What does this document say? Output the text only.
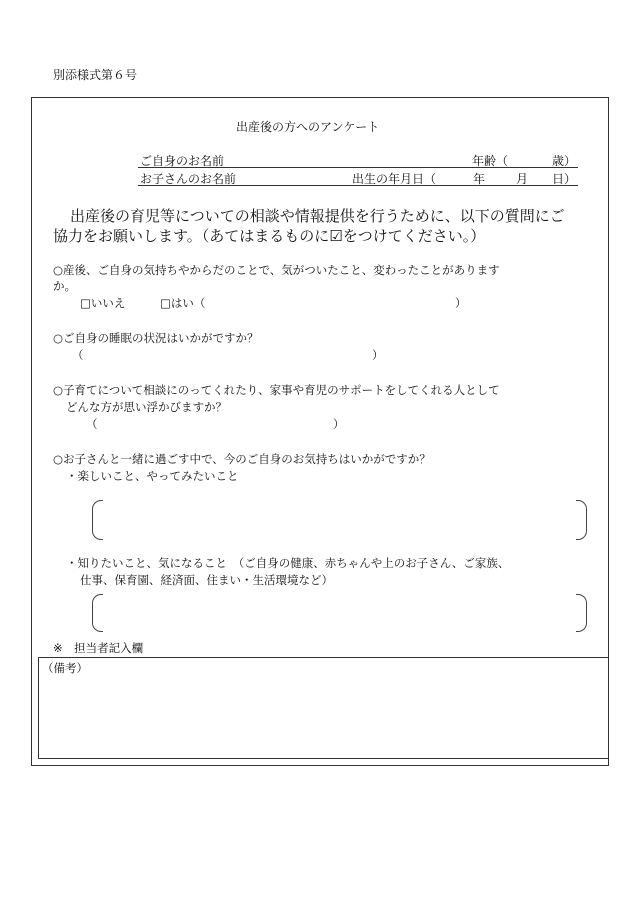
別添様式第６号
出産後の方へのアンケート
ご自身のお名前	年齢（	歳）
お子さんのお名前	出生の年月日（	年	月 日）
出産後の育児等についての相談や情報提供を行うために、以下の質問にご
協力をお願いします。（あてはまるものに☑をつけてください。）
○産後、ご自身の気持ちやからだのことで、気がついたこと、変わったことがあります
か。
□いいえ	□はい（	）
○ご自身の睡眠の状況はいかがですか？
（	）
○子育てについて相談にのってくれたり、家事や育児のサポートをしてくれる人として
どんな方が思い浮かびますか？
（	）
○お子さんと一緒に過ごす中で、今のご自身のお気持ちはいかがですか？
・楽しいこと、やってみたいこと
・知りたいこと、気になること　（ご自身の健康、赤ちゃんや上のお子さん、ご家族、
仕事、保育園、経済面、住まい・生活環境など）
※　担当者記入欄
（備考）
